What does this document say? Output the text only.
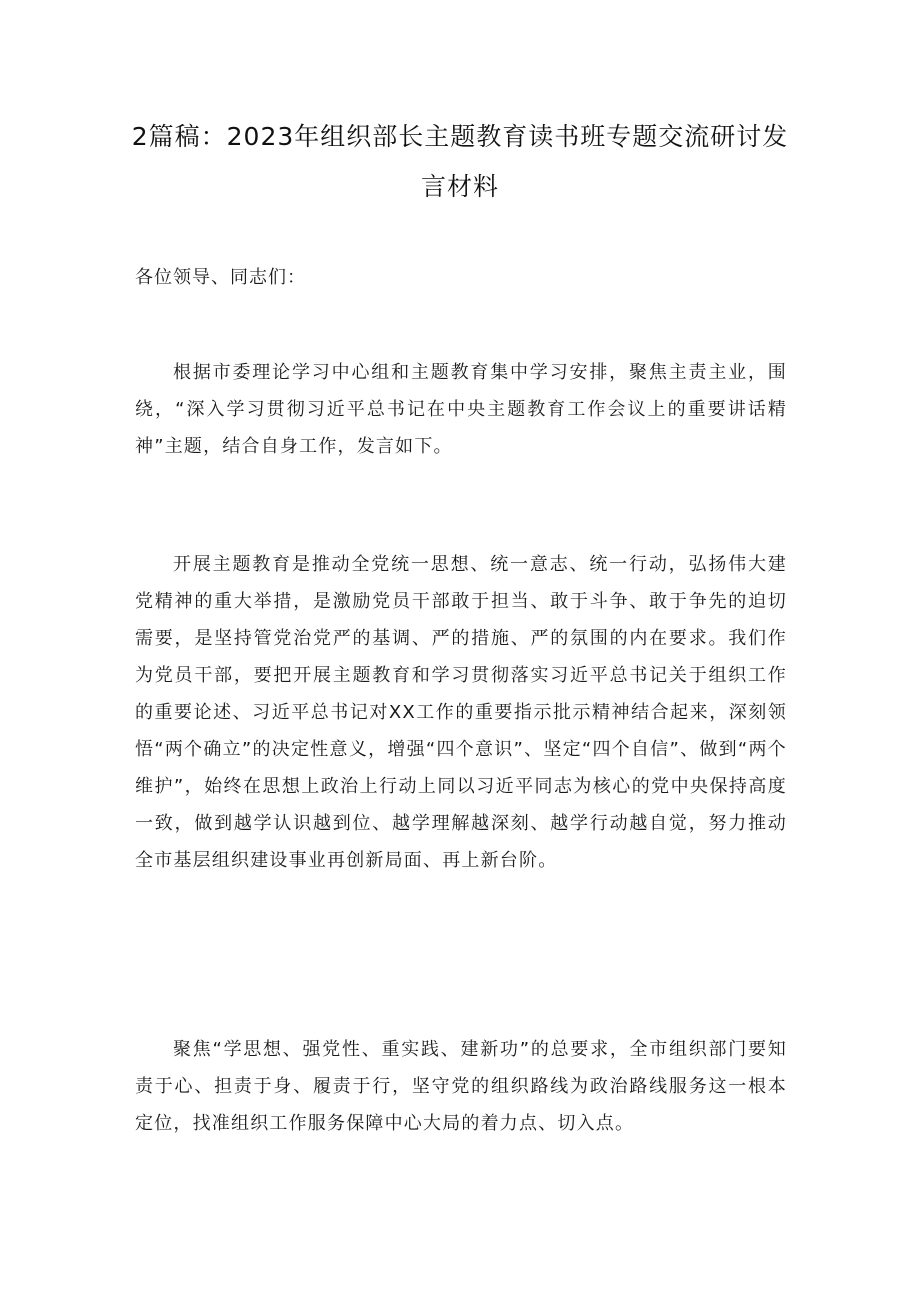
2篇稿：2023年组织部长主题教育读书班专题交流研讨发言材料

各位领导、同志们：

根据市委理论学习中心组和主题教育集中学习安排，聚焦主责主业，围绕，“深入学习贯彻习近平总书记在中央主题教育工作会议上的重要讲话精神”主题，结合自身工作，发言如下。

开展主题教育是推动全党统一思想、统一意志、统一行动，弘扬伟大建党精神的重大举措，是激励党员干部敢于担当、敢于斗争、敢于争先的迫切需要，是坚持管党治党严的基调、严的措施、严的氛围的内在要求。我们作为党员干部，要把开展主题教育和学习贯彻落实习近平总书记关于组织工作的重要论述、习近平总书记对XX工作的重要指示批示精神结合起来，深刻领悟“两个确立”的决定性意义，增强“四个意识”、坚定“四个自信”、做到“两个维护”，始终在思想上政治上行动上同以习近平同志为核心的党中央保持高度一致，做到越学认识越到位、越学理解越深刻、越学行动越自觉，努力推动全市基层组织建设事业再创新局面、再上新台阶。

聚焦“学思想、强党性、重实践、建新功”的总要求，全市组织部门要知责于心、担责于身、履责于行，坚守党的组织路线为政治路线服务这一根本定位，找准组织工作服务保障中心大局的着力点、切入点。
